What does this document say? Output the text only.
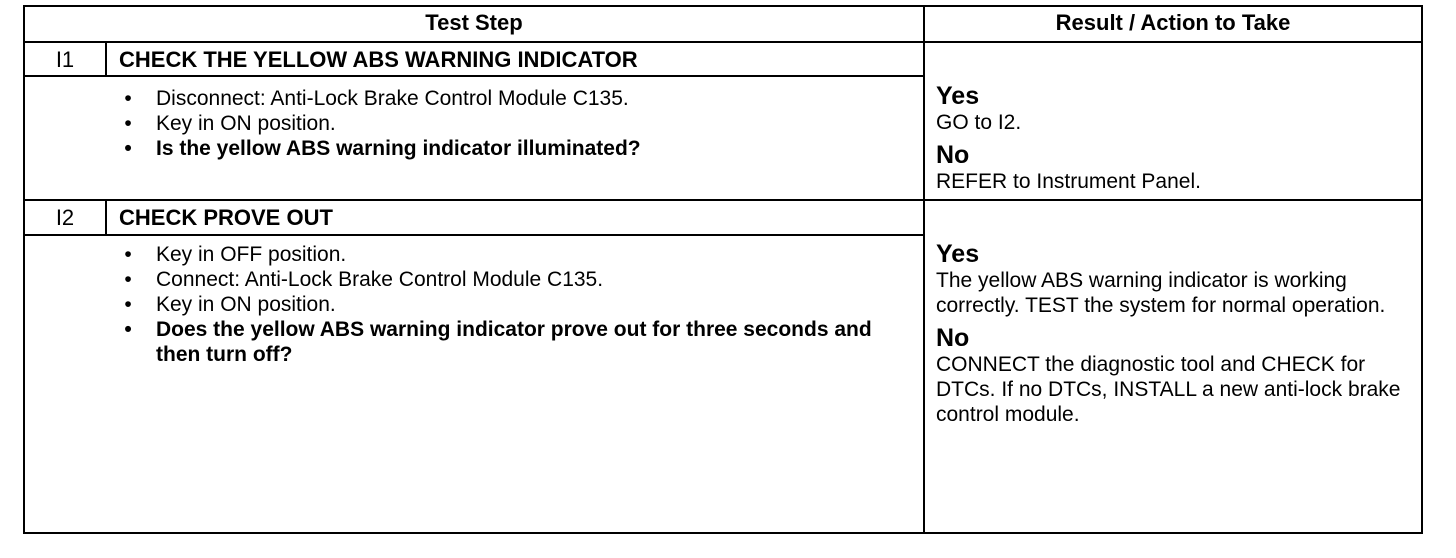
Test Step	Result / Action to Take
I1	CHECK THE YELLOW ABS WARNING INDICATOR
•	Disconnect: Anti-Lock Brake Control Module C135.
•	Key in ON position.
•	Is the yellow ABS warning indicator illuminated?
Yes
GO to I2.
No
REFER to Instrument Panel.
I2	CHECK PROVE OUT
•	Key in OFF position.
•	Connect: Anti-Lock Brake Control Module C135.
•	Key in ON position.
•	Does the yellow ABS warning indicator prove out for three seconds and then turn off?
Yes
The yellow ABS warning indicator is working correctly. TEST the system for normal operation.
No
CONNECT the diagnostic tool and CHECK for DTCs. If no DTCs, INSTALL a new anti-lock brake control module.
